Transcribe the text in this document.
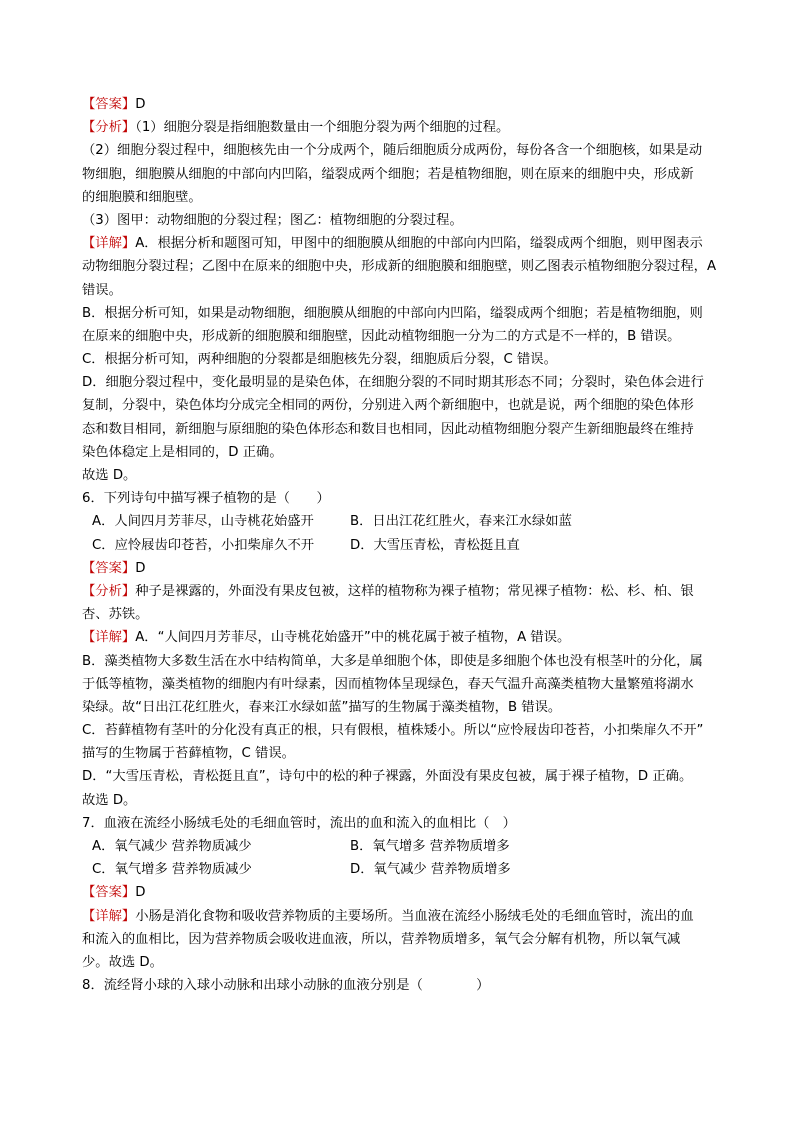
【答案】D
【分析】（1）细胞分裂是指细胞数量由一个细胞分裂为两个细胞的过程。
（2）细胞分裂过程中，细胞核先由一个分成两个，随后细胞质分成两份，每份各含一个细胞核，如果是动
物细胞，细胞膜从细胞的中部向内凹陷，缢裂成两个细胞；若是植物细胞，则在原来的细胞中央，形成新
的细胞膜和细胞壁。
（3）图甲：动物细胞的分裂过程；图乙：植物细胞的分裂过程。
【详解】A．根据分析和题图可知，甲图中的细胞膜从细胞的中部向内凹陷，缢裂成两个细胞，则甲图表示
动物细胞分裂过程；乙图中在原来的细胞中央，形成新的细胞膜和细胞壁，则乙图表示植物细胞分裂过程，A
错误。
B．根据分析可知，如果是动物细胞，细胞膜从细胞的中部向内凹陷，缢裂成两个细胞；若是植物细胞，则
在原来的细胞中央，形成新的细胞膜和细胞壁，因此动植物细胞一分为二的方式是不一样的，B 错误。
C．根据分析可知，两种细胞的分裂都是细胞核先分裂，细胞质后分裂，C 错误。
D．细胞分裂过程中，变化最明显的是染色体，在细胞分裂的不同时期其形态不同；分裂时，染色体会进行
复制，分裂中，染色体均分成完全相同的两份，分别进入两个新细胞中，也就是说，两个细胞的染色体形
态和数目相同，新细胞与原细胞的染色体形态和数目也相同，因此动植物细胞分裂产生新细胞最终在维持
染色体稳定上是相同的，D 正确。
故选 D。
6．下列诗句中描写裸子植物的是（　　）
A．人间四月芳菲尽，山寺桃花始盛开	B．日出江花红胜火，春来江水绿如蓝
C．应怜屐齿印苍苔，小扣柴扉久不开	D．大雪压青松，青松挺且直
【答案】D
【分析】种子是裸露的，外面没有果皮包被，这样的植物称为裸子植物；常见裸子植物：松、杉、柏、银
杏、苏铁。
【详解】A．“人间四月芳菲尽，山寺桃花始盛开”中的桃花属于被子植物，A 错误。
B．藻类植物大多数生活在水中结构简单，大多是单细胞个体，即使是多细胞个体也没有根茎叶的分化，属
于低等植物，藻类植物的细胞内有叶绿素，因而植物体呈现绿色，春天气温升高藻类植物大量繁殖将湖水
染绿。故“日出江花红胜火，春来江水绿如蓝”描写的生物属于藻类植物，B 错误。
C．苔藓植物有茎叶的分化没有真正的根，只有假根，植株矮小。所以“应怜屐齿印苍苔，小扣柴扉久不开”
描写的生物属于苔藓植物，C 错误。
D．“大雪压青松，青松挺且直”，诗句中的松的种子裸露，外面没有果皮包被，属于裸子植物，D 正确。
故选 D。
7．血液在流经小肠绒毛处的毛细血管时，流出的血和流入的血相比（　）
A．氧气减少 营养物质减少	B．氧气增多 营养物质增多
C．氧气增多 营养物质减少	D．氧气减少 营养物质增多
【答案】D
【详解】小肠是消化食物和吸收营养物质的主要场所。当血液在流经小肠绒毛处的毛细血管时，流出的血
和流入的血相比，因为营养物质会吸收进血液，所以，营养物质增多，氧气会分解有机物，所以氧气减
少。故选 D。
8．流经肾小球的入球小动脉和出球小动脉的血液分别是（　　　　）
